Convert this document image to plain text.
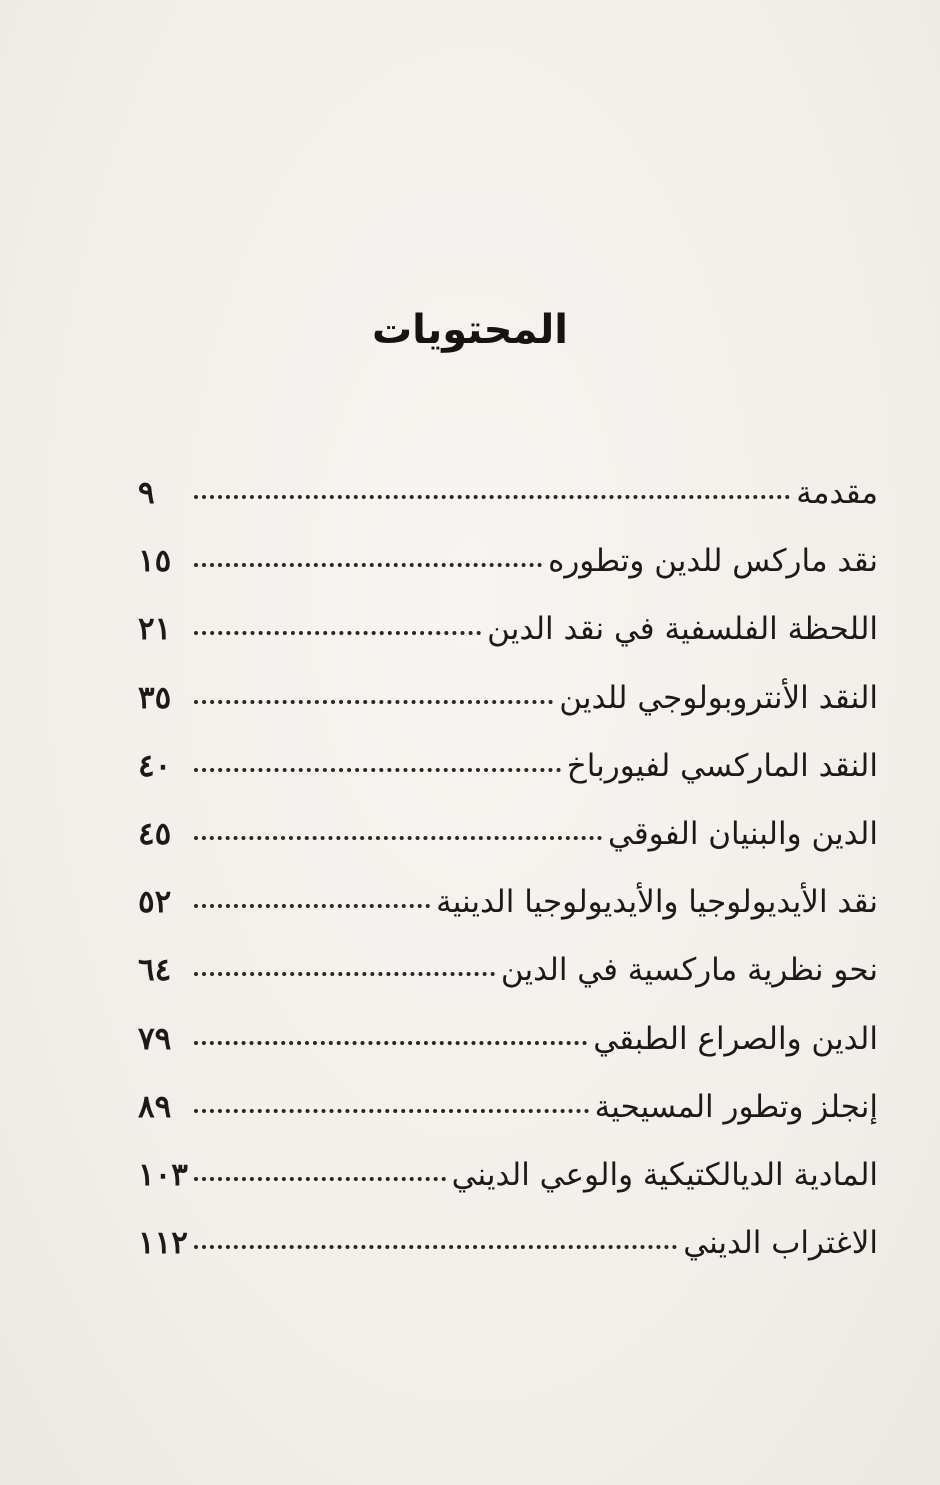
المحتويات
مقدمة
٩
نقد ماركس للدين وتطوره
١٥
اللحظة الفلسفية في نقد الدين
٢١
النقد الأنتروبولوجي للدين
٣٥
النقد الماركسي لفيورباخ
٤٠
الدين والبنيان الفوقي
٤٥
نقد الأيديولوجيا والأيديولوجيا الدينية
٥٢
نحو نظرية ماركسية في الدين
٦٤
الدين والصراع الطبقي
٧٩
إنجلز وتطور المسيحية
٨٩
المادية الديالكتيكية والوعي الديني
١٠٣
الاغتراب الديني
١١٢
